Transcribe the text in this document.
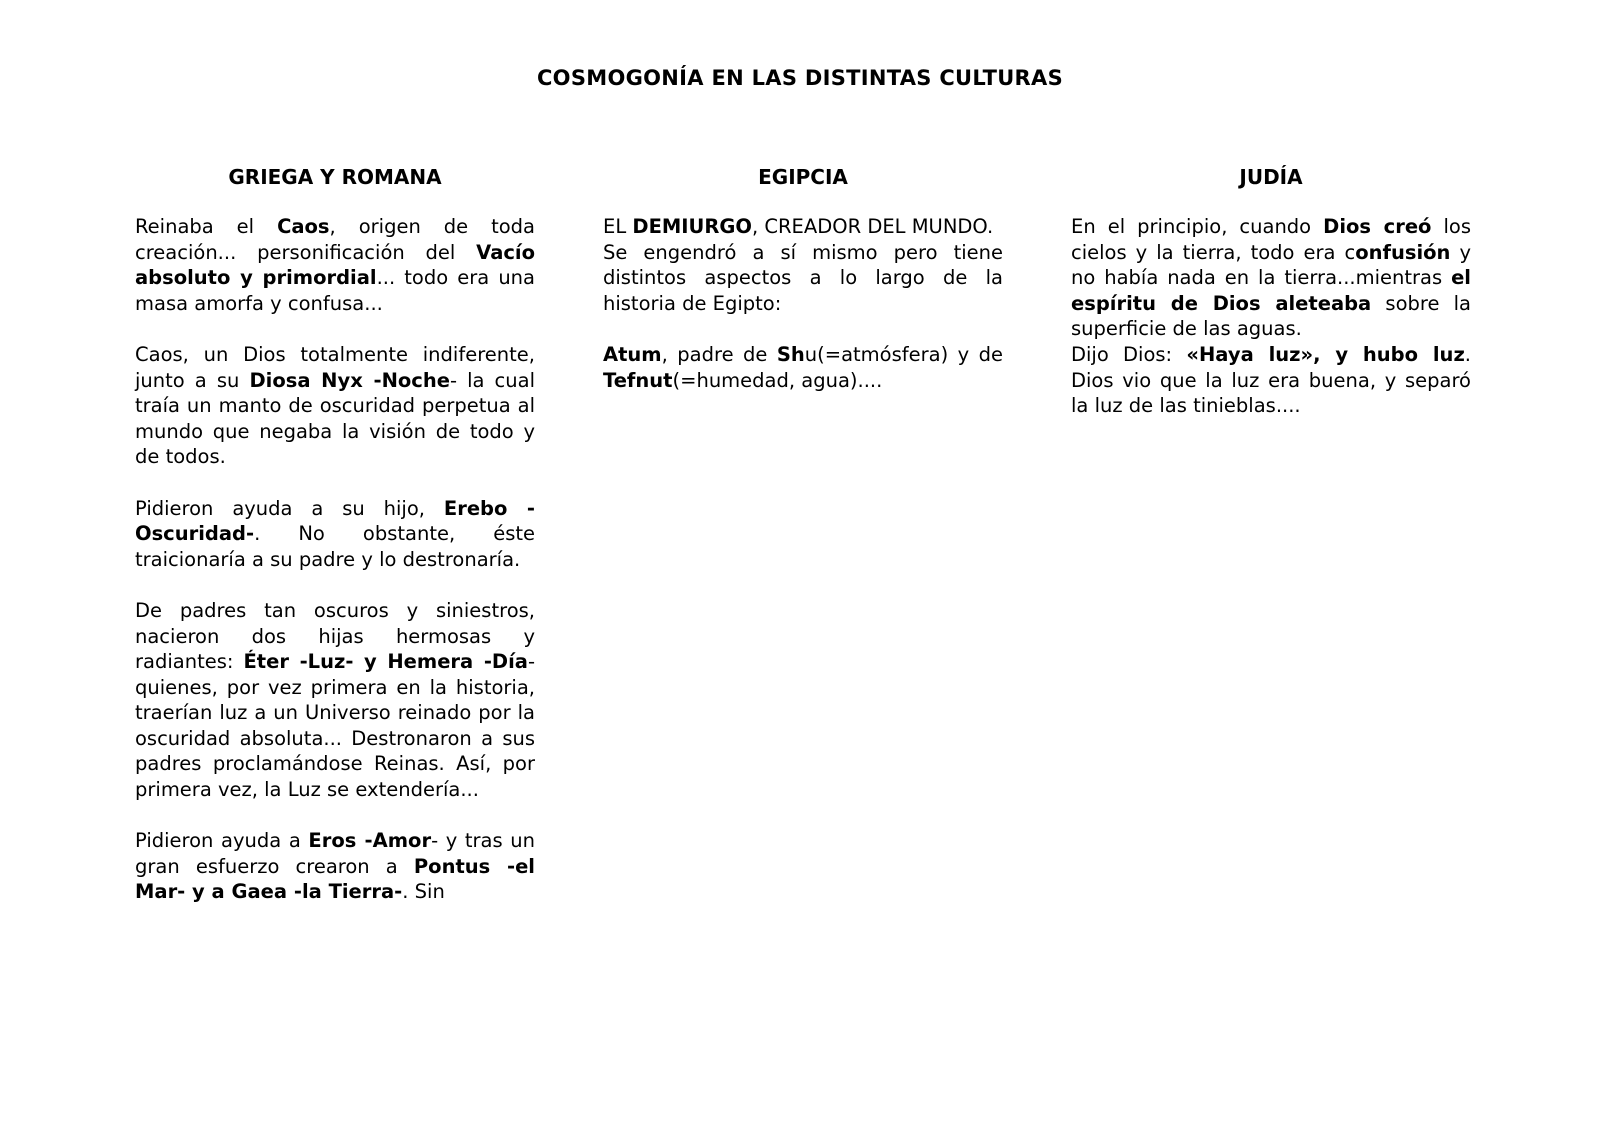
COSMOGONÍA EN LAS DISTINTAS CULTURAS
GRIEGA Y ROMANA

Reinaba el Caos, origen de toda creación... personificación del Vacío absoluto y primordial... todo era una masa amorfa y confusa...

Caos, un Dios totalmente indiferente, junto a su Diosa Nyx -Noche- la cual traía un manto de oscuridad perpetua al mundo que negaba la visión de todo y de todos.

Pidieron ayuda a su hijo, Erebo -Oscuridad-. No obstante, éste traicionaría a su padre y lo destronaría.

De padres tan oscuros y siniestros, nacieron dos hijas hermosas y radiantes: Éter -Luz- y Hemera -Día- quienes, por vez primera en la historia, traerían luz a un Universo reinado por la oscuridad absoluta... Destronaron a sus padres proclamándose Reinas. Así, por primera vez, la Luz se extendería...

Pidieron ayuda a Eros -Amor- y tras un gran esfuerzo crearon a Pontus -el Mar- y a Gaea -la Tierra-. Sin

EGIPCIA

EL DEMIURGO, CREADOR DEL MUNDO.

Se engendró a sí mismo pero tiene distintos aspectos a lo largo de la historia de Egipto:

Atum, padre de Shu(=atmósfera) y de Tefnut(=humedad, agua)....

JUDÍA

En el principio, cuando Dios creó los cielos y la tierra, todo era confusión y no había nada en la tierra...mientras el espíritu de Dios aleteaba sobre la superficie de las aguas.

Dijo Dios: «Haya luz», y hubo luz. Dios vio que la luz era buena, y separó la luz de las tinieblas....
